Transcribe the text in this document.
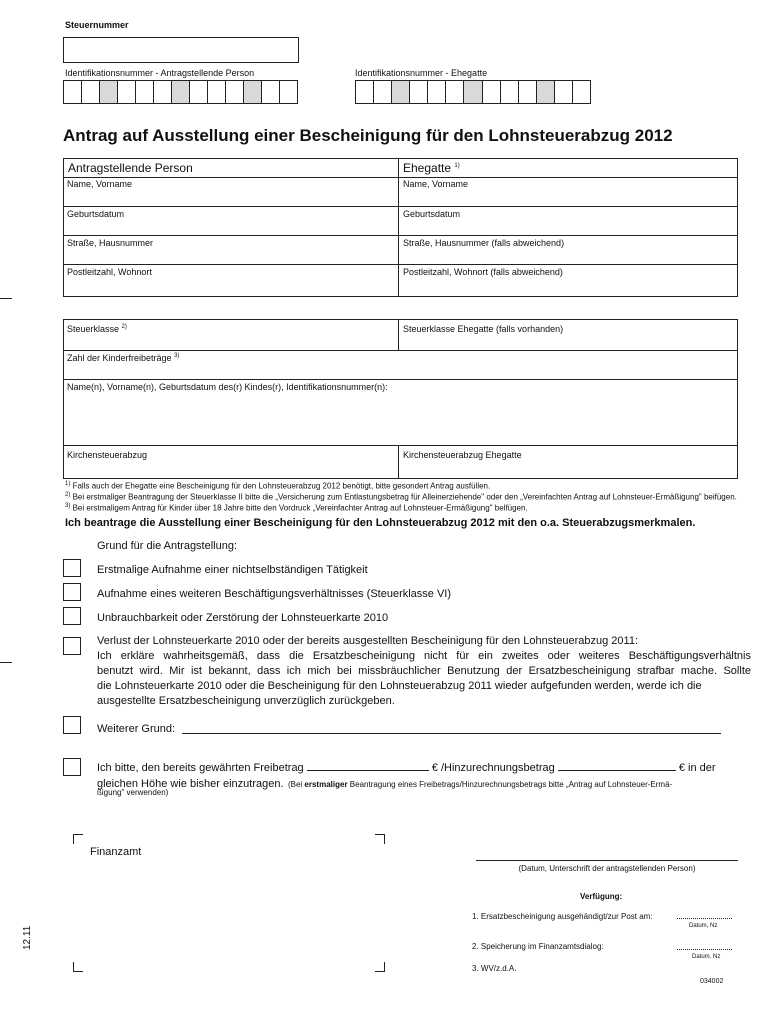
Steuernummer
Identifikationsnummer - Antragstellende Person	Identifikationsnummer - Ehegatte
Antrag auf Ausstellung einer Bescheinigung für den Lohnsteuerabzug 2012
Antragstellende Person	Ehegatte $^{1)}$
Name, Vorname	Name, Vorname
Geburtsdatum	Geburtsdatum
Straße, Hausnummer	Straße, Hausnummer (falls abweichend)
Postleitzahl, Wohnort	Postleitzahl, Wohnort (falls abweichend)
Steuerklasse $^{2)}$	Steuerklasse Ehegatte (falls vorhanden)
Zahl der Kinderfreibeträge $^{3)}$
Name(n), Vorname(n), Geburtsdatum des(r) Kindes(r), Identifikationsnummer(n):
Kirchensteuerabzug	Kirchensteuerabzug Ehegatte
$^{1)}$ Falls auch der Ehegatte eine Bescheinigung für den Lohnsteuerabzug 2012 benötigt, bitte gesondert Antrag ausfüllen.
$^{2)}$ Bei erstmaliger Beantragung der Steuerklasse II bitte die „Versicherung zum Entlastungsbetrag für Alleinerziehende" oder den „Vereinfachten Antrag auf Lohnsteuer-Ermäßigung" beifügen.
$^{3)}$ Bei erstmaligem Antrag für Kinder über 18 Jahre bitte den Vordruck „Vereinfachter Antrag auf Lohnsteuer-Ermäßigung" belfügen.
Ich beantrage die Ausstellung einer Bescheinigung für den Lohnsteuerabzug 2012 mit den o.a. Steuerabzugsmerkmalen.
Grund für die Antragstellung:
Erstmalige Aufnahme einer nichtselbständigen Tätigkeit
Aufnahme eines weiteren Beschäftigungsverhältnisses (Steuerklasse VI)
Unbrauchbarkeit oder Zerstörung der Lohnsteuerkarte 2010
Verlust der Lohnsteuerkarte 2010 oder der bereits ausgestellten Bescheinigung für den Lohnsteuerabzug 2011:
Ich erkläre wahrheitsgemäß, dass die Ersatzbescheinigung nicht für ein zweites oder weiteres Beschäftigungsverhältnis
benutzt wird. Mir ist bekannt, dass ich mich bei missbräuchlicher Benutzung der Ersatzbescheinigung strafbar mache. Sollte
die Lohnsteuerkarte 2010 oder die Bescheinigung für den Lohnsteuerabzug 2011 wieder aufgefunden werden, werde ich die
ausgestellte Ersatzbescheinigung unverzüglich zurückgeben.
Weiterer Grund:
Ich bitte, den bereits gewährten Freibetrag	€ /Hinzurechnungsbetrag	€ in der
gleichen Höhe wie bisher einzutragen. (Bei erstmaliger Beantragung eines Freibetrags/Hinzurechnungsbetrags bitte „Antrag auf Lohnsteuer-Ermä-
ßigung" verwenden)
Finanzamt
(Datum, Unterschrift der antragstellenden Person)
Verfügung:
1. Ersatzbescheinigung ausgehändigt/zur Post am:
Datum, Nz
2. Speicherung im Finanzamtsdialog:
Datum, Nz
3. WV/z.d.A.
034002
12.11
